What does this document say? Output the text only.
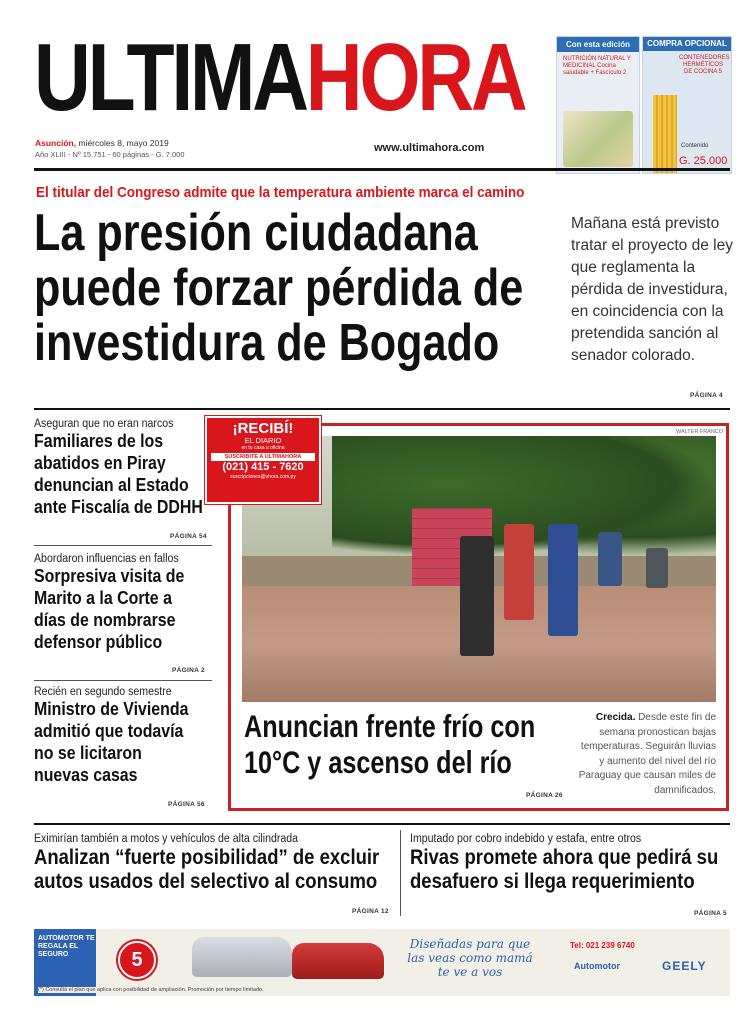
ULTIMAHORA
Asunción, miércoles 8, mayo 2019
Año XLIII - Nº 15.751 - 60 páginas - G. 7.000
www.ultimahora.com
Con esta edición
NUTRICIÓN NATURAL Y MEDICINAL Cocina saludable + Fascículo 2
COMPRA OPCIONAL
CONTENEDORES HERMÉTICOS DE COCINA 5
Contenido
G. 25.000
El titular del Congreso admite que la temperatura ambiente marca el camino
La presión ciudadana
puede forzar pérdida de
investidura de Bogado
Mañana está previsto tratar el proyecto de ley que reglamenta la pérdida de investidura, en coincidencia con la pretendida sanción al senador colorado.
PÁGINA 4
Aseguran que no eran narcos
Familiares de los
abatidos en Piray
denuncian al Estado
ante Fiscalía de DDHH
PÁGINA 54
Abordaron influencias en fallos
Sorpresiva visita de
Marito a la Corte a
días de nombrarse
defensor público
PÁGINA 2
Recién en segundo semestre
Ministro de Vivienda
admitió que todavía
no se licitaron
nuevas casas
PÁGINA 56
WALTER FRANCO
¡RECIBÍ!
EL DIARIO
en tu casa u oficina
SUSCRIBITE A ULTIMAHORA
(021) 415 - 7620
suscripciones@uhora.com.py
Anuncian frente frío con
10°C y ascenso del río
Crecida. Desde este fin de semana pronostican bajas temperaturas. Seguirán lluvias y aumento del nivel del río Paraguay que causan miles de damnificados.
PÁGINA 26
Eximirían también a motos y vehículos de alta cilindrada
Analizan “fuerte posibilidad” de excluir
autos usados del selectivo al consumo
PÁGINA 12
Imputado por cobro indebido y estafa, entre otros
Rivas promete ahora que pedirá su
desafuero si llega requerimiento
PÁGINA 5
AUTOMOTOR TE REGALA EL SEGURO	5
Diseñadas para que las veas como mamá te ve a vos
Tel: 021 239 6740
Automotor	GEELY
(*) Consultá el plan que aplica con posibilidad de ampliación. Promoción por tiempo limitado.
